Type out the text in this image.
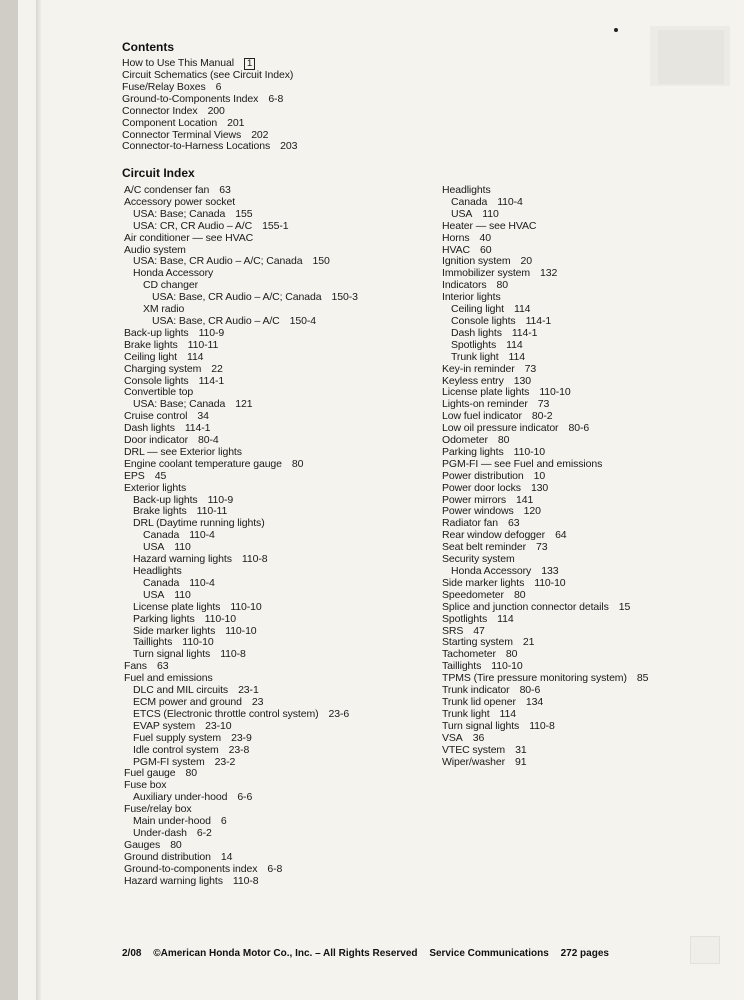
Contents
How to Use This Manual 1
Circuit Schematics (see Circuit Index)
Fuse/Relay Boxes 6
Ground-to-Components Index 6-8
Connector Index 200
Component Location 201
Connector Terminal Views 202
Connector-to-Harness Locations 203
Circuit Index
A/C condenser fan 63
Accessory power socket
USA: Base; Canada 155
USA: CR, CR Audio – A/C 155-1
Air conditioner — see HVAC
Audio system
USA: Base, CR Audio – A/C; Canada 150
Honda Accessory
CD changer
USA: Base, CR Audio – A/C; Canada 150-3
XM radio
USA: Base, CR Audio – A/C 150-4
Back-up lights 110-9
Brake lights 110-11
Ceiling light 114
Charging system 22
Console lights 114-1
Convertible top
USA: Base; Canada 121
Cruise control 34
Dash lights 114-1
Door indicator 80-4
DRL — see Exterior lights
Engine coolant temperature gauge 80
EPS 45
Exterior lights
Back-up lights 110-9
Brake lights 110-11
DRL (Daytime running lights)
Canada 110-4
USA 110
Hazard warning lights 110-8
Headlights
Canada 110-4
USA 110
License plate lights 110-10
Parking lights 110-10
Side marker lights 110-10
Taillights 110-10
Turn signal lights 110-8
Fans 63
Fuel and emissions
DLC and MIL circuits 23-1
ECM power and ground 23
ETCS (Electronic throttle control system) 23-6
EVAP system 23-10
Fuel supply system 23-9
Idle control system 23-8
PGM-FI system 23-2
Fuel gauge 80
Fuse box
Auxiliary under-hood 6-6
Fuse/relay box
Main under-hood 6
Under-dash 6-2
Gauges 80
Ground distribution 14
Ground-to-components index 6-8
Hazard warning lights 110-8
Headlights
Canada 110-4
USA 110
Heater — see HVAC
Horns 40
HVAC 60
Ignition system 20
Immobilizer system 132
Indicators 80
Interior lights
Ceiling light 114
Console lights 114-1
Dash lights 114-1
Spotlights 114
Trunk light 114
Key-in reminder 73
Keyless entry 130
License plate lights 110-10
Lights-on reminder 73
Low fuel indicator 80-2
Low oil pressure indicator 80-6
Odometer 80
Parking lights 110-10
PGM-FI — see Fuel and emissions
Power distribution 10
Power door locks 130
Power mirrors 141
Power windows 120
Radiator fan 63
Rear window defogger 64
Seat belt reminder 73
Security system
Honda Accessory 133
Side marker lights 110-10
Speedometer 80
Splice and junction connector details 15
Spotlights 114
SRS 47
Starting system 21
Tachometer 80
Taillights 110-10
TPMS (Tire pressure monitoring system) 85
Trunk indicator 80-6
Trunk lid opener 134
Trunk light 114
Turn signal lights 110-8
VSA 36
VTEC system 31
Wiper/washer 91
2/08 ©American Honda Motor Co., Inc. – All Rights Reserved Service Communications 272 pages
